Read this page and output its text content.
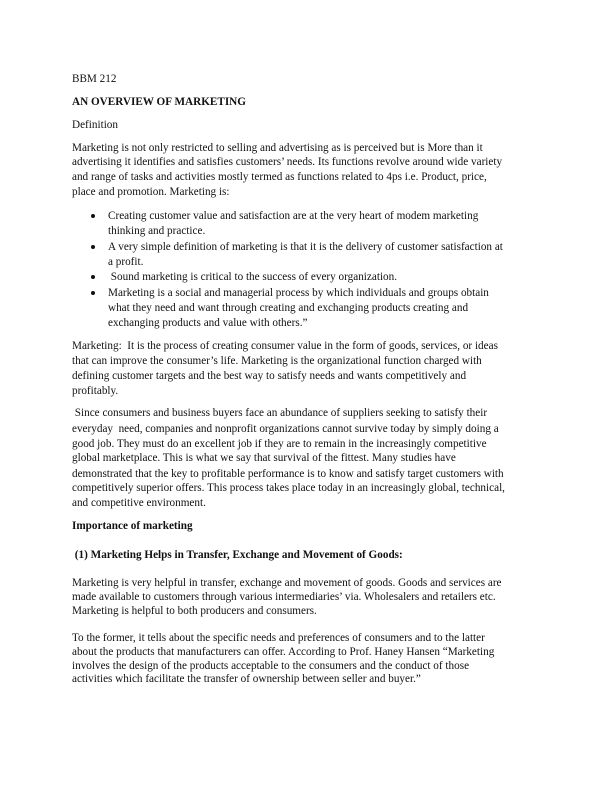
BBM 212
AN OVERVIEW OF MARKETING
Definition
Marketing is not only restricted to selling and advertising as is perceived but is More than it
advertising it identifies and satisfies customers’ needs. Its functions revolve around wide variety
and range of tasks and activities mostly termed as functions related to 4ps i.e. Product, price,
place and promotion. Marketing is:
Creating customer value and satisfaction are at the very heart of modem marketing
thinking and practice.
A very simple definition of marketing is that it is the delivery of customer satisfaction at
a profit.
Sound marketing is critical to the success of every organization.
Marketing is a social and managerial process by which individuals and groups obtain
what they need and want through creating and exchanging products creating and
exchanging products and value with others.”
Marketing:  It is the process of creating consumer value in the form of goods, services, or ideas
that can improve the consumer’s life. Marketing is the organizational function charged with
defining customer targets and the best way to satisfy needs and wants competitively and
profitably.
Since consumers and business buyers face an abundance of suppliers seeking to satisfy their
everyday  need, companies and nonprofit organizations cannot survive today by simply doing a
good job. They must do an excellent job if they are to remain in the increasingly competitive
global marketplace. This is what we say that survival of the fittest. Many studies have
demonstrated that the key to profitable performance is to know and satisfy target customers with
competitively superior offers. This process takes place today in an increasingly global, technical,
and competitive environment.
Importance of marketing
(1) Marketing Helps in Transfer, Exchange and Movement of Goods:
Marketing is very helpful in transfer, exchange and movement of goods. Goods and services are
made available to customers through various intermediaries’ via. Wholesalers and retailers etc.
Marketing is helpful to both producers and consumers.
To the former, it tells about the specific needs and preferences of consumers and to the latter
about the products that manufacturers can offer. According to Prof. Haney Hansen “Marketing
involves the design of the products acceptable to the consumers and the conduct of those
activities which facilitate the transfer of ownership between seller and buyer.”
